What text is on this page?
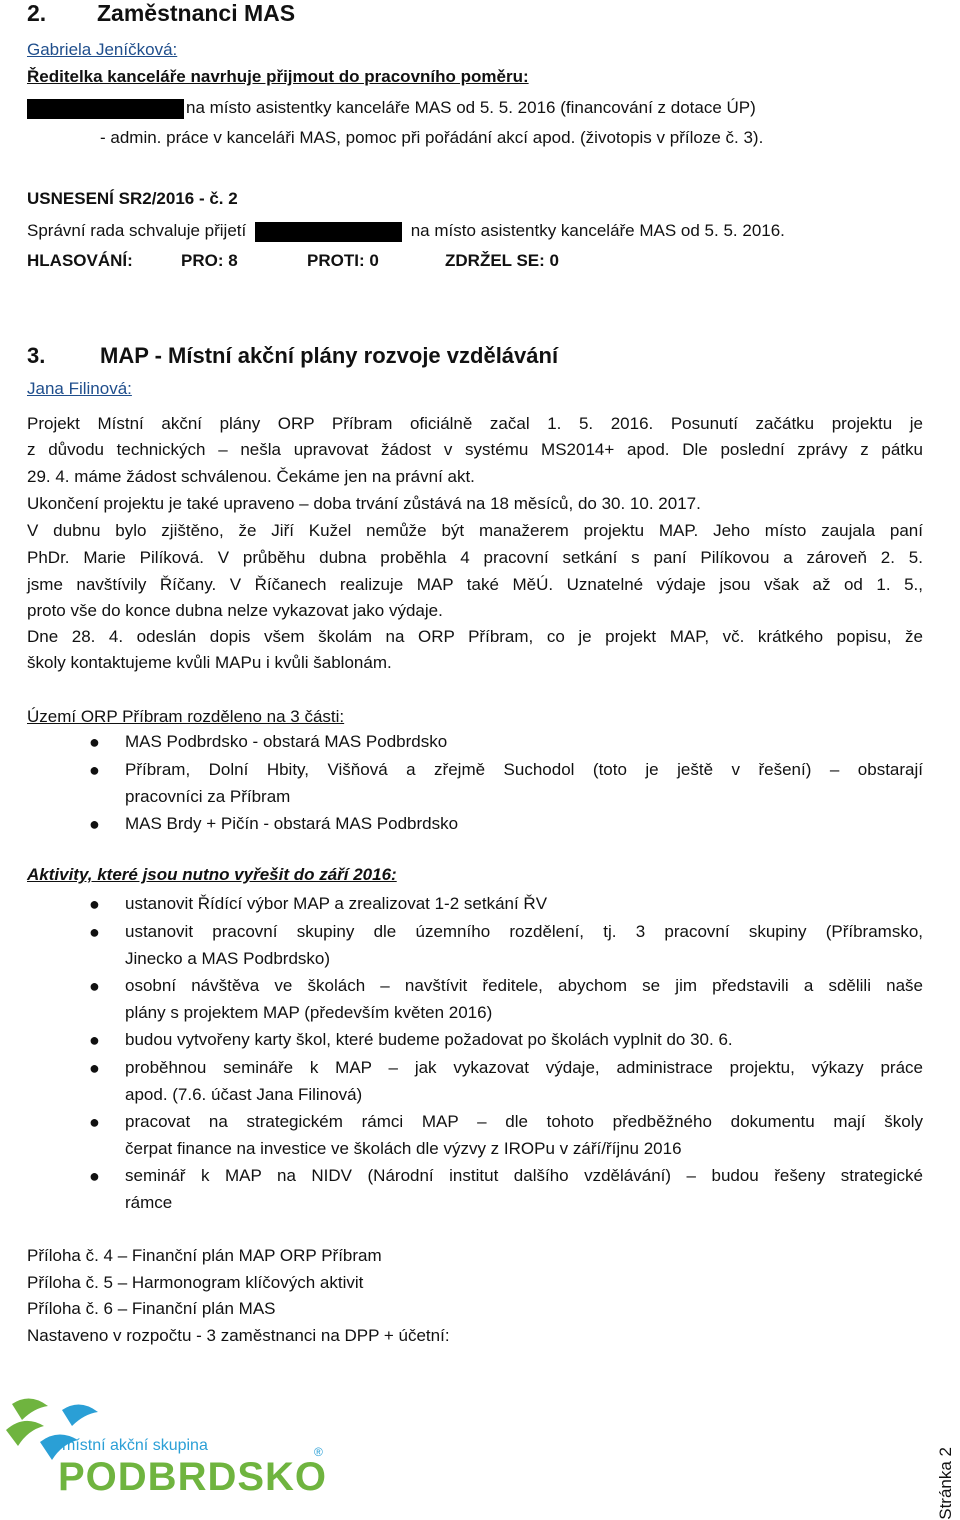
2. Zaměstnanci MAS
Gabriela Jeníčková:
Ředitelka kanceláře navrhuje přijmout do pracovního poměru:
na místo asistentky kanceláře MAS od 5. 5. 2016 (financování z dotace ÚP)
- admin. práce v kanceláři MAS, pomoc při pořádání akcí apod. (životopis v příloze č. 3).
USNESENÍ SR2/2016 - č. 2
Správní rada schvaluje přijetí	na místo asistentky kanceláře MAS od 5. 5. 2016.
HLASOVÁNÍ:	PRO: 8	PROTI: 0	ZDRŽEL SE: 0
3. MAP - Místní akční plány rozvoje vzdělávání
Jana Filinová:
Projekt Místní akční plány ORP Příbram oficiálně začal 1. 5. 2016. Posunutí začátku projektu je
z důvodu technických – nešla upravovat žádost v systému MS2014+ apod. Dle poslední zprávy z pátku
29. 4. máme žádost schválenou. Čekáme jen na právní akt.
Ukončení projektu je také upraveno – doba trvání zůstává na 18 měsíců, do 30. 10. 2017.
V dubnu bylo zjištěno, že Jiří Kužel nemůže být manažerem projektu MAP. Jeho místo zaujala paní
PhDr. Marie Pilíková. V průběhu dubna proběhla 4 pracovní setkání s paní Pilíkovou a zároveň 2. 5.
jsme navštívily Říčany. V Říčanech realizuje MAP také MěÚ. Uznatelné výdaje jsou však až od 1. 5.,
proto vše do konce dubna nelze vykazovat jako výdaje.
Dne 28. 4. odeslán dopis všem školám na ORP Příbram, co je projekt MAP, vč. krátkého popisu, že
školy kontaktujeme kvůli MAPu i kvůli šablonám.
Území ORP Příbram rozděleno na 3 části:
● MAS Podbrdsko - obstará MAS Podbrdsko
● Příbram, Dolní Hbity, Višňová a zřejmě Suchodol (toto je ještě v řešení) – obstarají
pracovníci za Příbram
● MAS Brdy + Pičín - obstará MAS Podbrdsko
Aktivity, které jsou nutno vyřešit do září 2016:
● ustanovit Řídící výbor MAP a zrealizovat 1-2 setkání ŘV
● ustanovit pracovní skupiny dle územního rozdělení, tj. 3 pracovní skupiny (Příbramsko,
Jinecko a MAS Podbrdsko)
● osobní návštěva ve školách – navštívit ředitele, abychom se jim představili a sdělili naše
plány s projektem MAP (především květen 2016)
● budou vytvořeny karty škol, které budeme požadovat po školách vyplnit do 30. 6.
● proběhnou semináře k MAP – jak vykazovat výdaje, administrace projektu, výkazy práce
apod. (7.6. účast Jana Filinová)
● pracovat na strategickém rámci MAP – dle tohoto předběžného dokumentu mají školy
čerpat finance na investice ve školách dle výzvy z IROPu v září/říjnu 2016
● seminář k MAP na NIDV (Národní institut dalšího vzdělávání) – budou řešeny strategické
rámce
Příloha č. 4 – Finanční plán MAP ORP Příbram
Příloha č. 5 – Harmonogram klíčových aktivit
Příloha č. 6 – Finanční plán MAS
Nastaveno v rozpočtu - 3 zaměstnanci na DPP + účetní:
místní akční skupina
PODBRDSKO
®	Stránka 2
